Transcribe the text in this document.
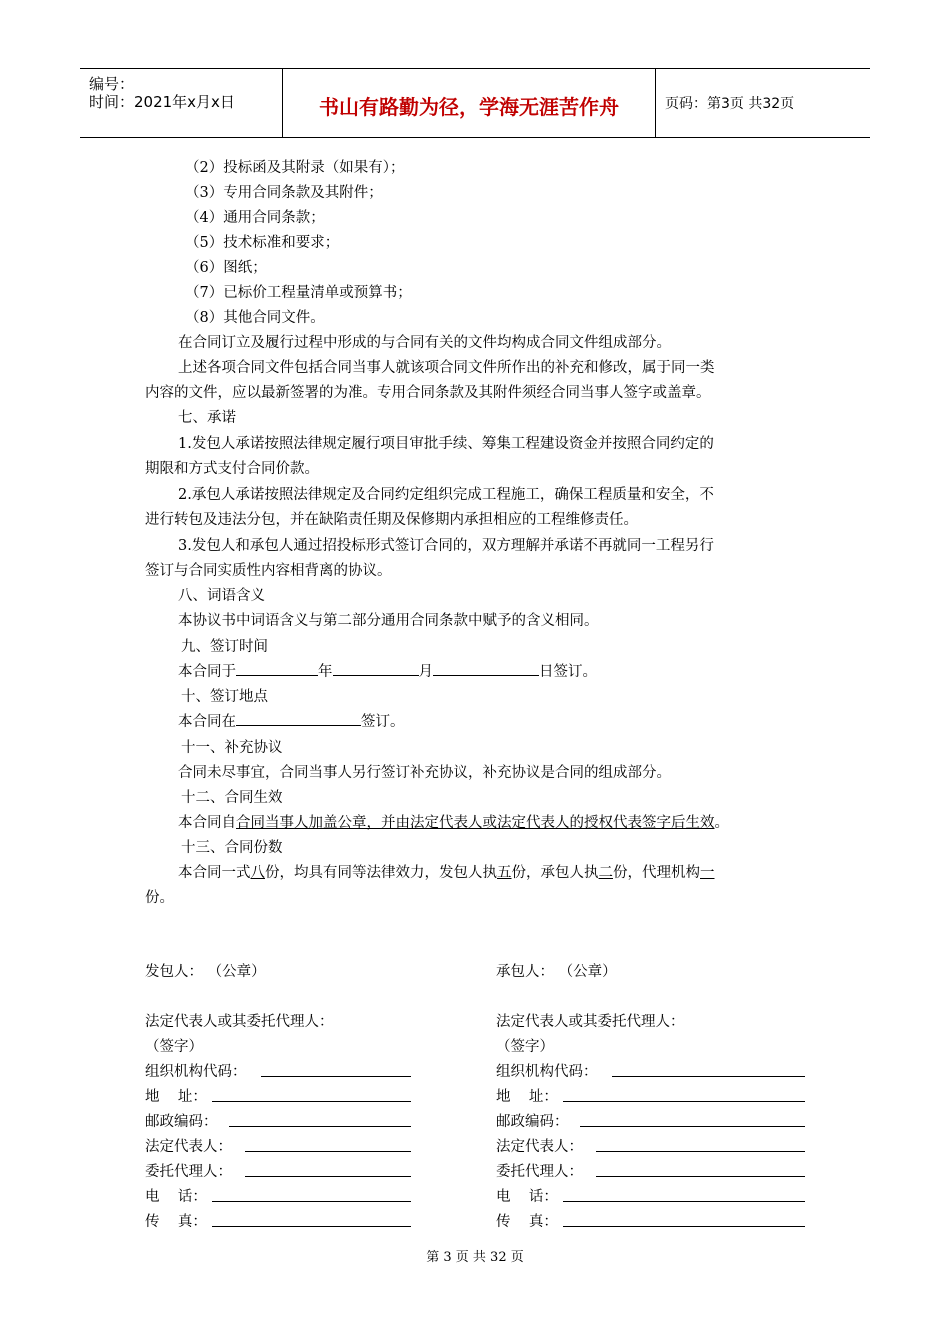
编号：
时间：2021年x月x日	书山有路勤为径，学海无涯苦作舟	页码：第3页 共32页
（2）投标函及其附录（如果有）；
（3）专用合同条款及其附件；
（4）通用合同条款；
（5）技术标准和要求；
（6）图纸；
（7）已标价工程量清单或预算书；
（8）其他合同文件。
在合同订立及履行过程中形成的与合同有关的文件均构成合同文件组成部分。
上述各项合同文件包括合同当事人就该项合同文件所作出的补充和修改，属于同一类
内容的文件，应以最新签署的为准。专用合同条款及其附件须经合同当事人签字或盖章。
七、承诺
1.发包人承诺按照法律规定履行项目审批手续、筹集工程建设资金并按照合同约定的
期限和方式支付合同价款。
2.承包人承诺按照法律规定及合同约定组织完成工程施工，确保工程质量和安全，不
进行转包及违法分包，并在缺陷责任期及保修期内承担相应的工程维修责任。
3.发包人和承包人通过招投标形式签订合同的，双方理解并承诺不再就同一工程另行
签订与合同实质性内容相背离的协议。
八、词语含义
本协议书中词语含义与第二部分通用合同条款中赋予的含义相同。
九、签订时间
本合同于	年	月	日签订。
十、签订地点
本合同在	签订。
十一、补充协议
合同未尽事宜，合同当事人另行签订补充协议，补充协议是合同的组成部分。
十二、合同生效
本合同自合同当事人加盖公章，并由法定代表人或法定代表人的授权代表签字后生效。
十三、合同份数
本合同一式八份，均具有同等法律效力，发包人执五份，承包人执二份，代理机构一
份。
发包人： （公章）
法定代表人或其委托代理人：
（签字）
组织机构代码：
地    址：
邮政编码：
法定代表人：
委托代理人：
电    话：
传    真：
承包人： （公章）
法定代表人或其委托代理人：
（签字）
组织机构代码：
地    址：
邮政编码：
法定代表人：
委托代理人：
电    话：
传    真：
第 3 页 共 32 页
